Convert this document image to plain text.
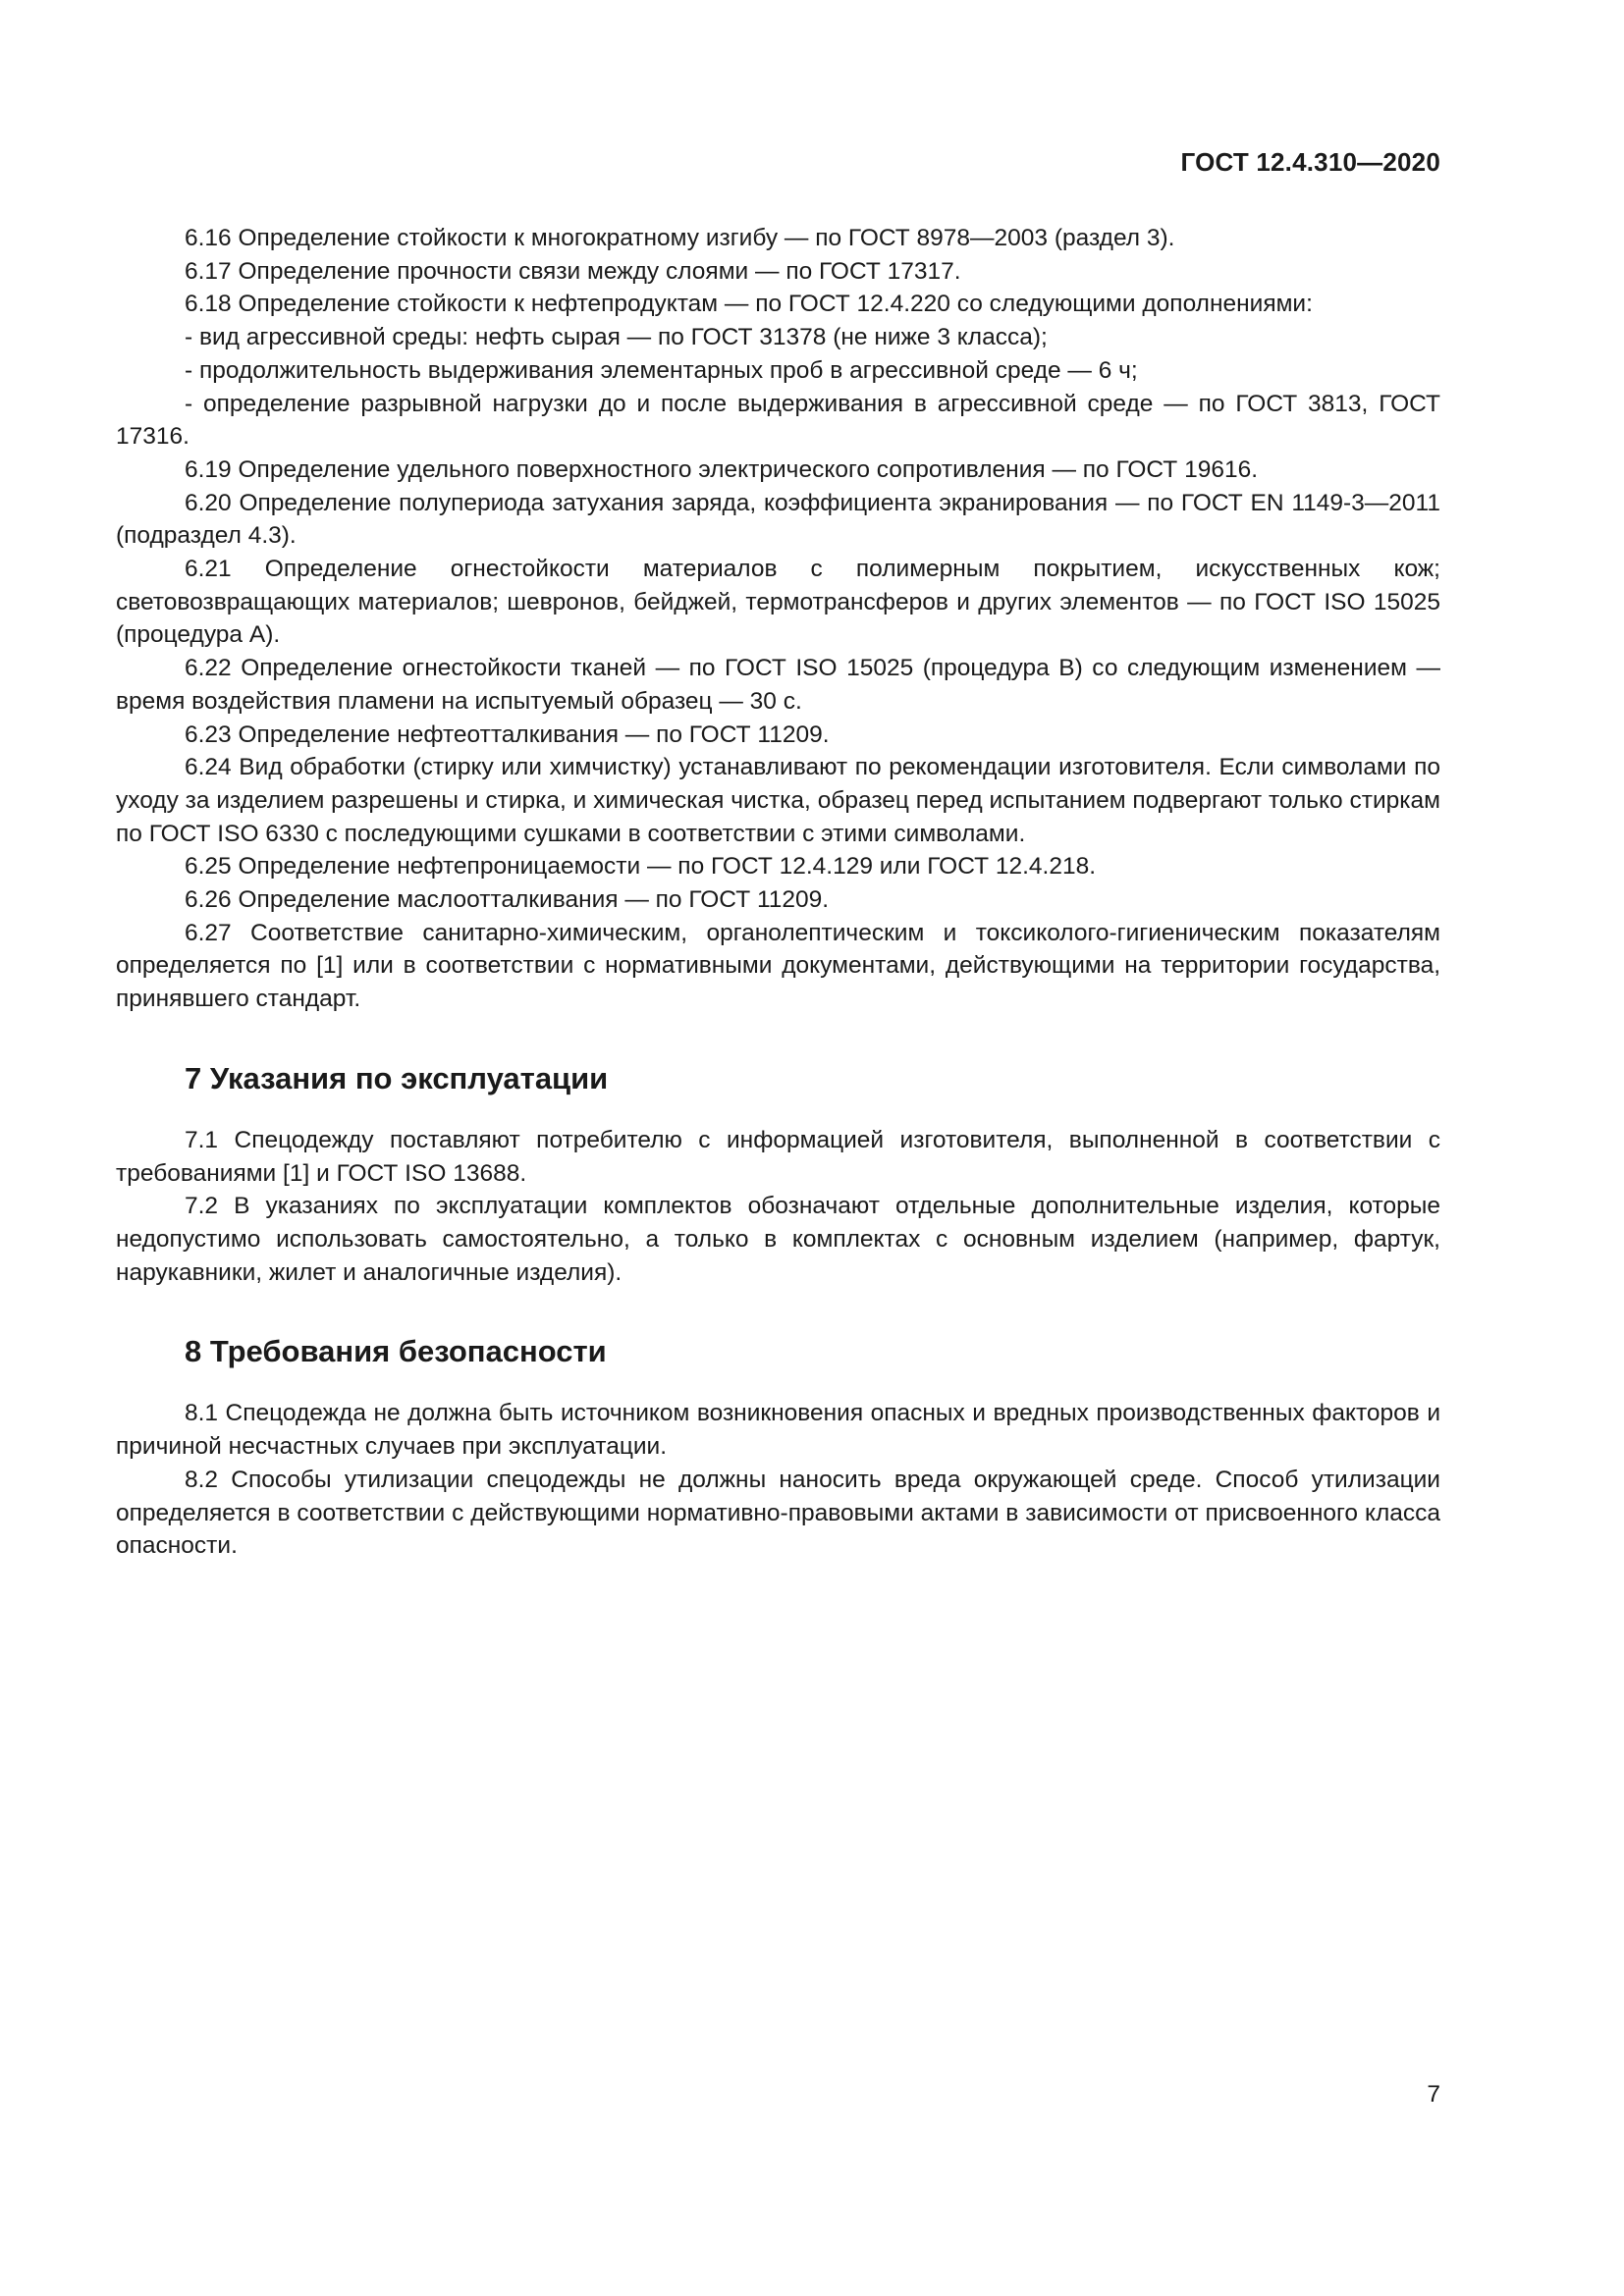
ГОСТ 12.4.310—2020

6.16 Определение стойкости к многократному изгибу — по ГОСТ 8978—2003 (раздел 3).

6.17 Определение прочности связи между слоями — по ГОСТ 17317.

6.18 Определение стойкости к нефтепродуктам — по ГОСТ 12.4.220 со следующими дополнениями:

- вид агрессивной среды: нефть сырая — по ГОСТ 31378 (не ниже 3 класса);

- продолжительность выдерживания элементарных проб в агрессивной среде — 6 ч;

- определение разрывной нагрузки до и после выдерживания в агрессивной среде — по ГОСТ 3813, ГОСТ 17316.

6.19 Определение удельного поверхностного электрического сопротивления — по ГОСТ 19616.

6.20 Определение полупериода затухания заряда, коэффициента экранирования — по ГОСТ EN 1149-3—2011 (подраздел 4.3).

6.21 Определение огнестойкости материалов с полимерным покрытием, искусственных кож; световозвращающих материалов; шевронов, бейджей, термотрансферов и других элементов — по ГОСТ ISO 15025 (процедура А).

6.22 Определение огнестойкости тканей — по ГОСТ ISO 15025 (процедура В) со следующим изменением — время воздействия пламени на испытуемый образец — 30 с.

6.23 Определение нефтеотталкивания — по ГОСТ 11209.

6.24 Вид обработки (стирку или химчистку) устанавливают по рекомендации изготовителя. Если символами по уходу за изделием разрешены и стирка, и химическая чистка, образец перед испытанием подвергают только стиркам по ГОСТ ISO 6330 с последующими сушками в соответствии с этими символами.

6.25 Определение нефтепроницаемости — по ГОСТ 12.4.129 или ГОСТ 12.4.218.

6.26 Определение маслоотталкивания — по ГОСТ 11209.

6.27 Соответствие санитарно-химическим, органолептическим и токсиколого-гигиеническим показателям определяется по [1] или в соответствии с нормативными документами, действующими на территории государства, принявшего стандарт.

7 Указания по эксплуатации

7.1 Спецодежду поставляют потребителю с информацией изготовителя, выполненной в соответствии с требованиями [1] и ГОСТ ISO 13688.

7.2 В указаниях по эксплуатации комплектов обозначают отдельные дополнительные изделия, которые недопустимо использовать самостоятельно, а только в комплектах с основным изделием (например, фартук, нарукавники, жилет и аналогичные изделия).

8 Требования безопасности

8.1 Спецодежда не должна быть источником возникновения опасных и вредных производственных факторов и причиной несчастных случаев при эксплуатации.

8.2 Способы утилизации спецодежды не должны наносить вреда окружающей среде. Способ утилизации определяется в соответствии с действующими нормативно-правовыми актами в зависимости от присвоенного класса опасности.

7
